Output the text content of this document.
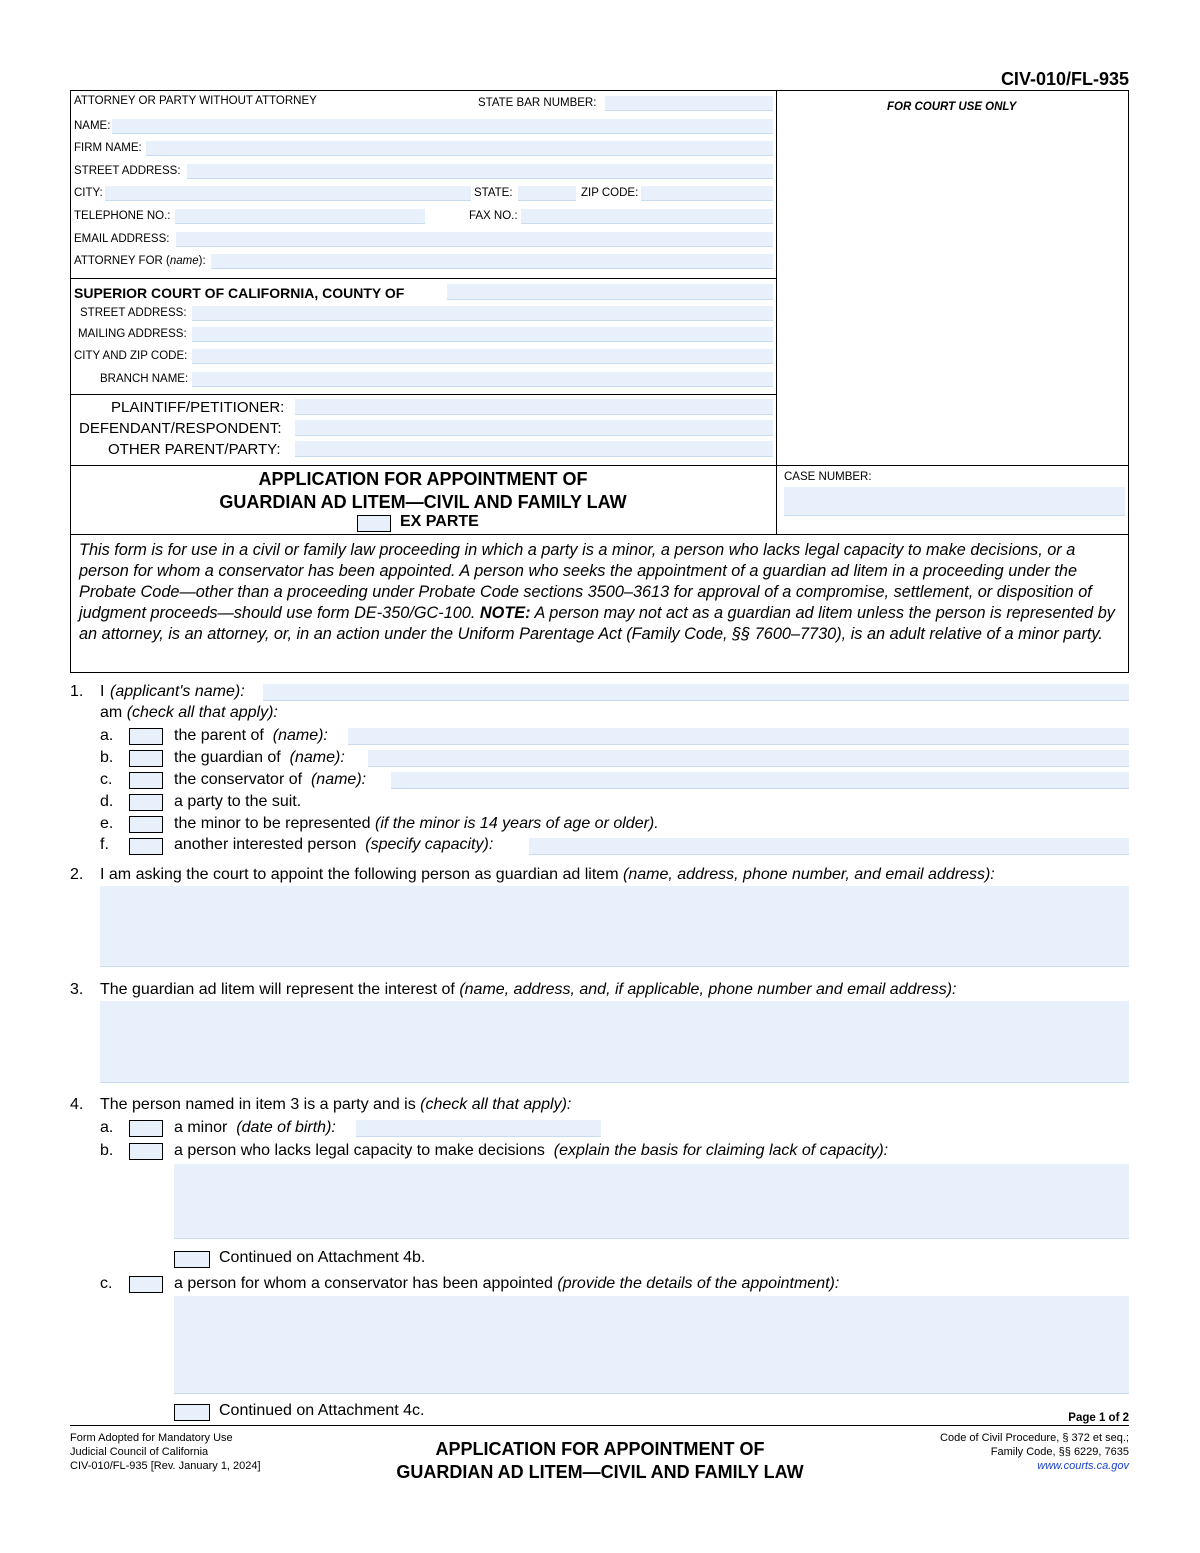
CIV-010/FL-935
ATTORNEY OR PARTY WITHOUT ATTORNEY	STATE BAR NUMBER:
NAME:
FIRM NAME:
STREET ADDRESS:
CITY:	STATE:	ZIP CODE:
TELEPHONE NO.:	FAX NO.:
EMAIL ADDRESS:
ATTORNEY FOR (name):
FOR COURT USE ONLY
SUPERIOR COURT OF CALIFORNIA, COUNTY OF
STREET ADDRESS:
MAILING ADDRESS:
CITY AND ZIP CODE:
BRANCH NAME:
PLAINTIFF/PETITIONER:
DEFENDANT/RESPONDENT:
OTHER PARENT/PARTY:
APPLICATION FOR APPOINTMENT OF
GUARDIAN AD LITEM—CIVIL AND FAMILY LAW
EX PARTE
CASE NUMBER:
This form is for use in a civil or family law proceeding in which a party is a minor, a person who lacks legal capacity to make decisions, or a person for whom a conservator has been appointed. A person who seeks the appointment of a guardian ad litem in a proceeding under the Probate Code—other than a proceeding under Probate Code sections 3500–3613 for approval of a compromise, settlement, or disposition of judgment proceeds—should use form DE-350/GC-100. NOTE: A person may not act as a guardian ad litem unless the person is represented by an attorney, is an attorney, or, in an action under the Uniform Parentage Act (Family Code, §§ 7600–7730), is an adult relative of a minor party.
1. I (applicant's name):
am (check all that apply):
a.	the parent of (name):
b.	the guardian of (name):
c.	the conservator of (name):
d.	a party to the suit.
e.	the minor to be represented (if the minor is 14 years of age or older).
f.	another interested person (specify capacity):
2. I am asking the court to appoint the following person as guardian ad litem (name, address, phone number, and email address):
3. The guardian ad litem will represent the interest of (name, address, and, if applicable, phone number and email address):
4. The person named in item 3 is a party and is (check all that apply):
a.	a minor (date of birth):
b.	a person who lacks legal capacity to make decisions (explain the basis for claiming lack of capacity):
Continued on Attachment 4b.
c.	a person for whom a conservator has been appointed (provide the details of the appointment):
Continued on Attachment 4c.	Page 1 of 2
Form Adopted for Mandatory Use
Judicial Council of California
CIV-010/FL-935 [Rev. January 1, 2024]
APPLICATION FOR APPOINTMENT OF
GUARDIAN AD LITEM—CIVIL AND FAMILY LAW
Code of Civil Procedure, § 372 et seq.;
Family Code, §§ 6229, 7635
www.courts.ca.gov
